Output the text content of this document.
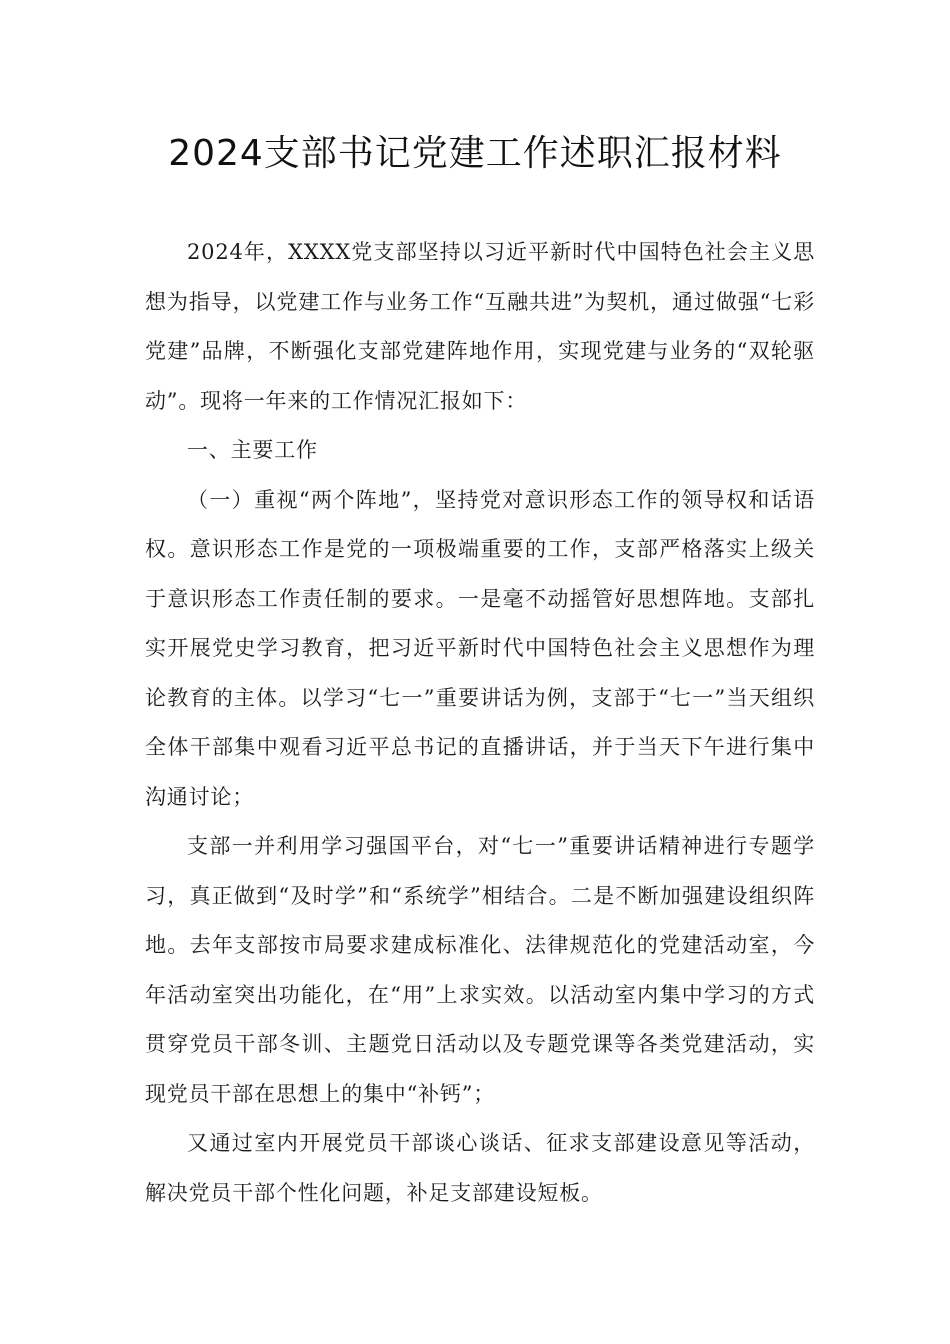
2024支部书记党建工作述职汇报材料

2024年，XXXX党支部坚持以习近平新时代中国特色社会主义思想为指导，以党建工作与业务工作“互融共进”为契机，通过做强“七彩党建”品牌，不断强化支部党建阵地作用，实现党建与业务的“双轮驱动”。现将一年来的工作情况汇报如下：

一、主要工作

（一）重视“两个阵地”，坚持党对意识形态工作的领导权和话语权。意识形态工作是党的一项极端重要的工作，支部严格落实上级关于意识形态工作责任制的要求。一是毫不动摇管好思想阵地。支部扎实开展党史学习教育，把习近平新时代中国特色社会主义思想作为理论教育的主体。以学习“七一”重要讲话为例，支部于“七一”当天组织全体干部集中观看习近平总书记的直播讲话，并于当天下午进行集中沟通讨论；

支部一并利用学习强国平台，对“七一”重要讲话精神进行专题学习，真正做到“及时学”和“系统学”相结合。二是不断加强建设组织阵地。去年支部按市局要求建成标准化、法律规范化的党建活动室，今年活动室突出功能化，在“用”上求实效。以活动室内集中学习的方式贯穿党员干部冬训、主题党日活动以及专题党课等各类党建活动，实现党员干部在思想上的集中“补钙”；

又通过室内开展党员干部谈心谈话、征求支部建设意见等活动，解决党员干部个性化问题，补足支部建设短板。
